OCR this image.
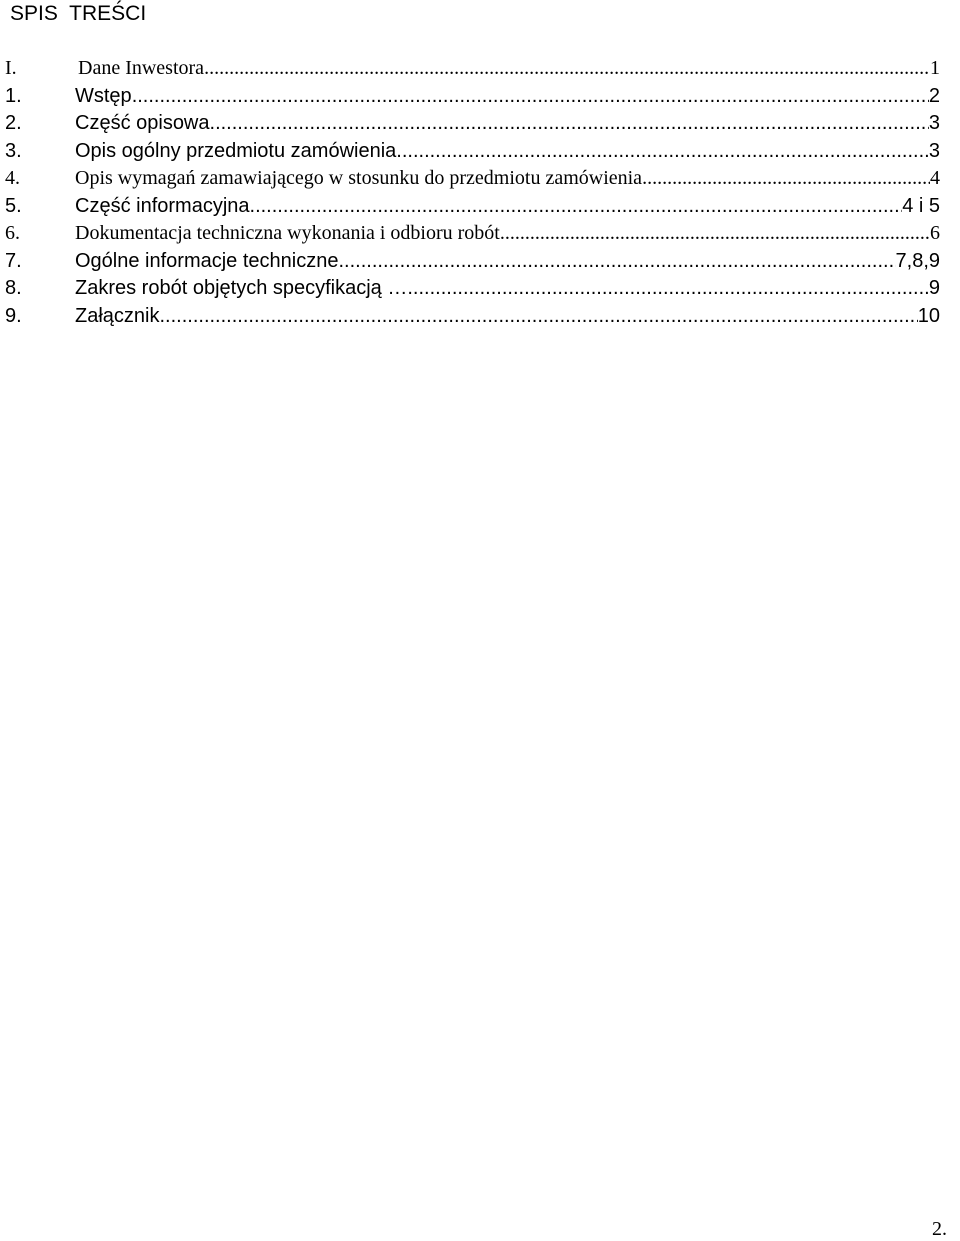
SPIS  TREŚCI
I.	Dane Inwestora .....	1
1.	Wstęp .....	2
2.	Część opisowa .....	3
3.	Opis ogólny przedmiotu zamówienia .....	3
4.	Opis wymagań zamawiającego w stosunku do przedmiotu zamówienia .....	4
5.	Część informacyjna .....	4 i 5
6.	Dokumentacja techniczna wykonania i odbioru robót .....	6
7.	Ogólne informacje techniczne .....	7,8,9
8.	Zakres robót objętych specyfikacją … .....	9
9.	Załącznik .....	10
2.
